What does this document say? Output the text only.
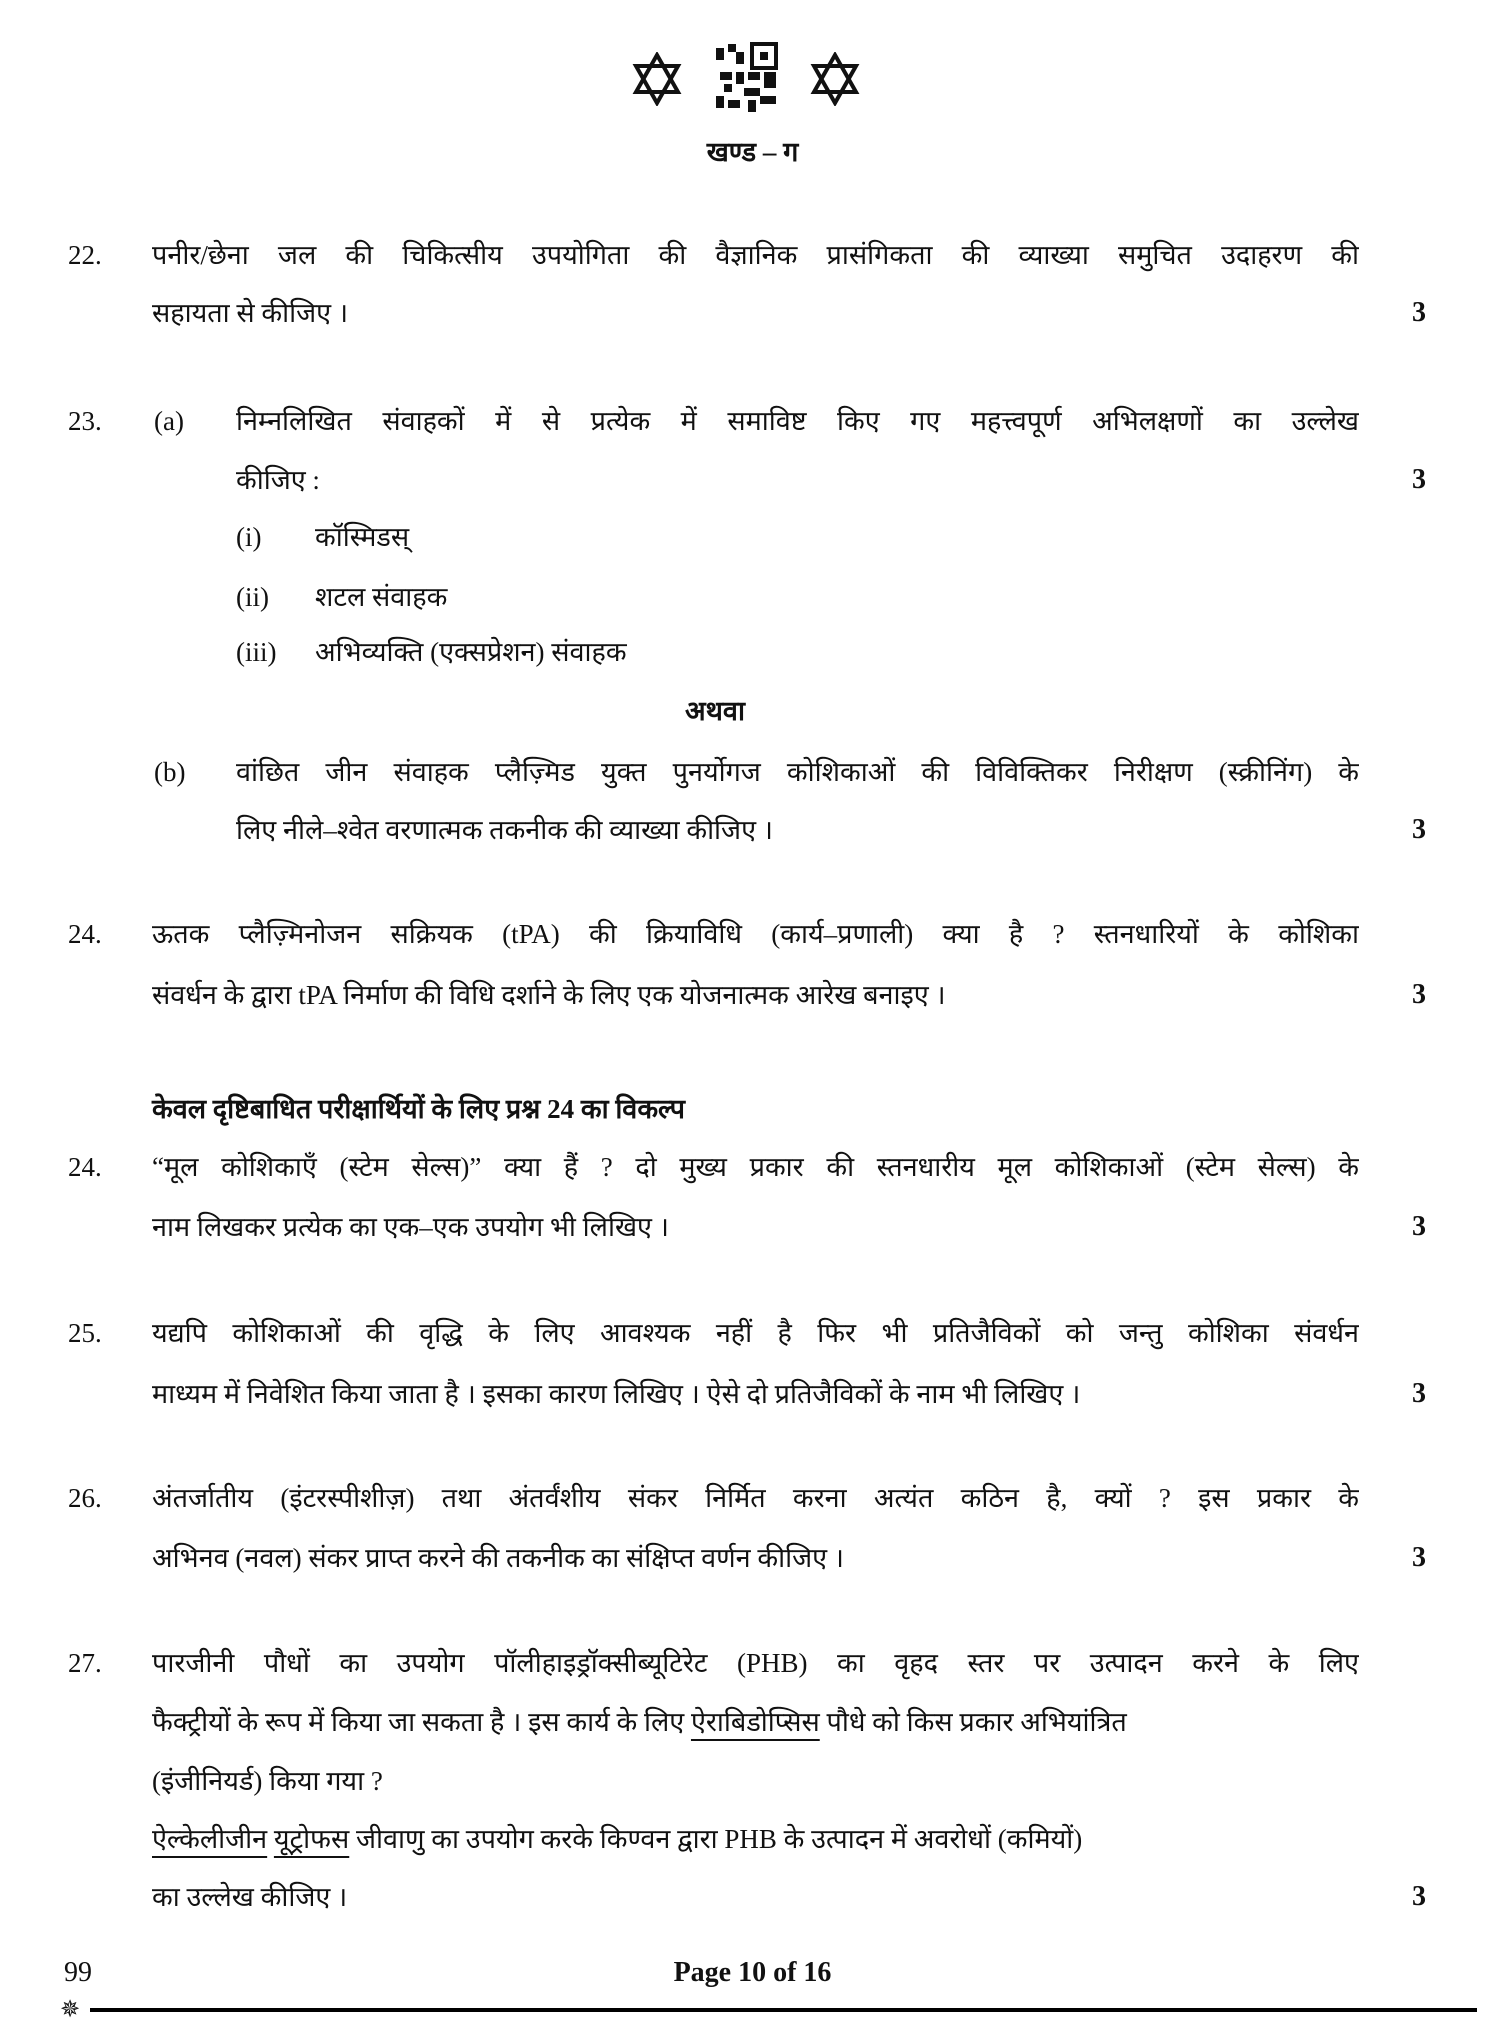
खण्ड – ग
22. पनीर/छेना जल की चिकित्सीय उपयोगिता की वैज्ञानिक प्रासंगिकता की व्याख्या समुचित उदाहरण की
सहायता से कीजिए ।	3
23. (a) निम्नलिखित संवाहकों में से प्रत्येक में समाविष्ट किए गए महत्त्वपूर्ण अभिलक्षणों का उल्लेख
कीजिए :	3
(i) कॉस्मिडस्
(ii) शटल संवाहक
(iii) अभिव्यक्ति (एक्सप्रेशन) संवाहक
अथवा
(b) वांछित जीन संवाहक प्लैज़्मिड युक्त पुनर्योगज कोशिकाओं की विविक्तिकर निरीक्षण (स्क्रीनिंग) के
लिए नीले–श्वेत वरणात्मक तकनीक की व्याख्या कीजिए ।	3
24. ऊतक प्लैज़्मिनोजन सक्रियक (tPA) की क्रियाविधि (कार्य–प्रणाली) क्या है ? स्तनधारियों के कोशिका
संवर्धन के द्वारा tPA निर्माण की विधि दर्शाने के लिए एक योजनात्मक आरेख बनाइए ।	3
केवल दृष्टिबाधित परीक्षार्थियों के लिए प्रश्न 24 का विकल्प
24. “मूल कोशिकाएँ (स्टेम सेल्स)” क्या हैं ? दो मुख्य प्रकार की स्तनधारीय मूल कोशिकाओं (स्टेम सेल्स) के
नाम लिखकर प्रत्येक का एक–एक उपयोग भी लिखिए ।	3
25. यद्यपि कोशिकाओं की वृद्धि के लिए आवश्यक नहीं है फिर भी प्रतिजैविकों को जन्तु कोशिका संवर्धन
माध्यम में निवेशित किया जाता है । इसका कारण लिखिए । ऐसे दो प्रतिजैविकों के नाम भी लिखिए ।	3
26. अंतर्जातीय (इंटरस्पीशीज़) तथा अंतर्वंशीय संकर निर्मित करना अत्यंत कठिन है, क्यों ? इस प्रकार के
अभिनव (नवल) संकर प्राप्त करने की तकनीक का संक्षिप्त वर्णन कीजिए ।	3
27. पारजीनी पौधों का उपयोग पॉलीहाइड्रॉक्सीब्यूटिरेट (PHB) का वृहद स्तर पर उत्पादन करने के लिए
फैक्ट्रीयों के रूप में किया जा सकता है । इस कार्य के लिए ऐराबिडोप्सिस पौधे को किस प्रकार अभियांत्रित
(इंजीनियर्ड) किया गया ?
ऐल्केलीजीन यूट्रोफस जीवाणु का उपयोग करके किण्वन द्वारा PHB के उत्पादन में अवरोधों (कमियों)
का उल्लेख कीजिए ।	3
99	Page 10 of 16
✵
